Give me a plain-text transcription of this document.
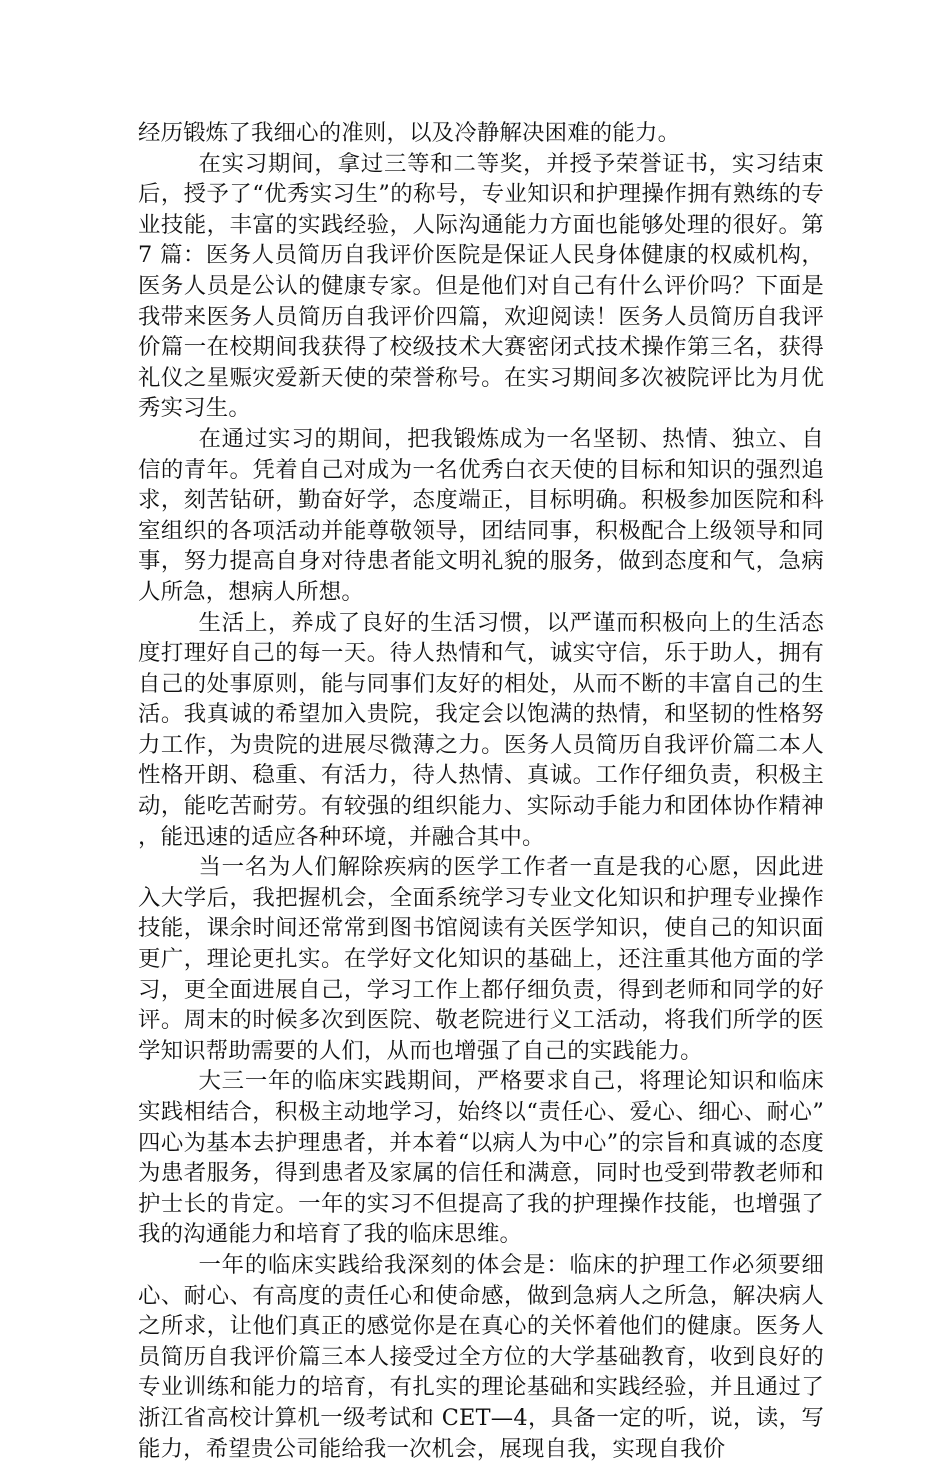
经历锻炼了我细心的准则，以及冷静解决困难的能力。

在实习期间，拿过三等和二等奖，并授予荣誉证书，实习结束后，授予了“优秀实习生”的称号，专业知识和护理操作拥有熟练的专业技能，丰富的实践经验，人际沟通能力方面也能够处理的很好。第 7 篇：医务人员简历自我评价医院是保证人民身体健康的权威机构，医务人员是公认的健康专家。但是他们对自己有什么评价吗？下面是我带来医务人员简历自我评价四篇，欢迎阅读！医务人员简历自我评价篇一在校期间我获得了校级技术大赛密闭式技术操作第三名，获得礼仪之星赈灾爱新天使的荣誉称号。在实习期间多次被院评比为月优秀实习生。

在通过实习的期间，把我锻炼成为一名坚韧、热情、独立、自信的青年。凭着自己对成为一名优秀白衣天使的目标和知识的强烈追求，刻苦钻研，勤奋好学，态度端正，目标明确。积极参加医院和科室组织的各项活动并能尊敬领导，团结同事，积极配合上级领导和同事，努力提高自身对待患者能文明礼貌的服务，做到态度和气，急病人所急，想病人所想。

生活上，养成了良好的生活习惯，以严谨而积极向上的生活态度打理好自己的每一天。待人热情和气，诚实守信，乐于助人，拥有自己的处事原则，能与同事们友好的相处，从而不断的丰富自己的生活。我真诚的希望加入贵院，我定会以饱满的热情，和坚韧的性格努力工作，为贵院的进展尽微薄之力。医务人员简历自我评价篇二本人性格开朗、稳重、有活力，待人热情、真诚。工作仔细负责，积极主动，能吃苦耐劳。有较强的组织能力、实际动手能力和团体协作精神，能迅速的适应各种环境，并融合其中。

当一名为人们解除疾病的医学工作者一直是我的心愿，因此进入大学后，我把握机会，全面系统学习专业文化知识和护理专业操作技能，课余时间还常常到图书馆阅读有关医学知识，使自己的知识面更广，理论更扎实。在学好文化知识的基础上，还注重其他方面的学习，更全面进展自己，学习工作上都仔细负责，得到老师和同学的好评。周末的时候多次到医院、敬老院进行义工活动，将我们所学的医学知识帮助需要的人们，从而也增强了自己的实践能力。

大三一年的临床实践期间，严格要求自己，将理论知识和临床实践相结合，积极主动地学习，始终以“责任心、爱心、细心、耐心”四心为基本去护理患者，并本着“以病人为中心”的宗旨和真诚的态度为患者服务，得到患者及家属的信任和满意，同时也受到带教老师和护士长的肯定。一年的实习不但提高了我的护理操作技能，也增强了我的沟通能力和培育了我的临床思维。

一年的临床实践给我深刻的体会是：临床的护理工作必须要细心、耐心、有高度的责任心和使命感，做到急病人之所急，解决病人之所求，让他们真正的感觉你是在真心的关怀着他们的健康。医务人员简历自我评价篇三本人接受过全方位的大学基础教育，收到良好的专业训练和能力的培育，有扎实的理论基础和实践经验，并且通过了浙江省高校计算机一级考试和 CET—4，具备一定的听，说，读，写能力，希望贵公司能给我一次机会，展现自我，实现自我价
